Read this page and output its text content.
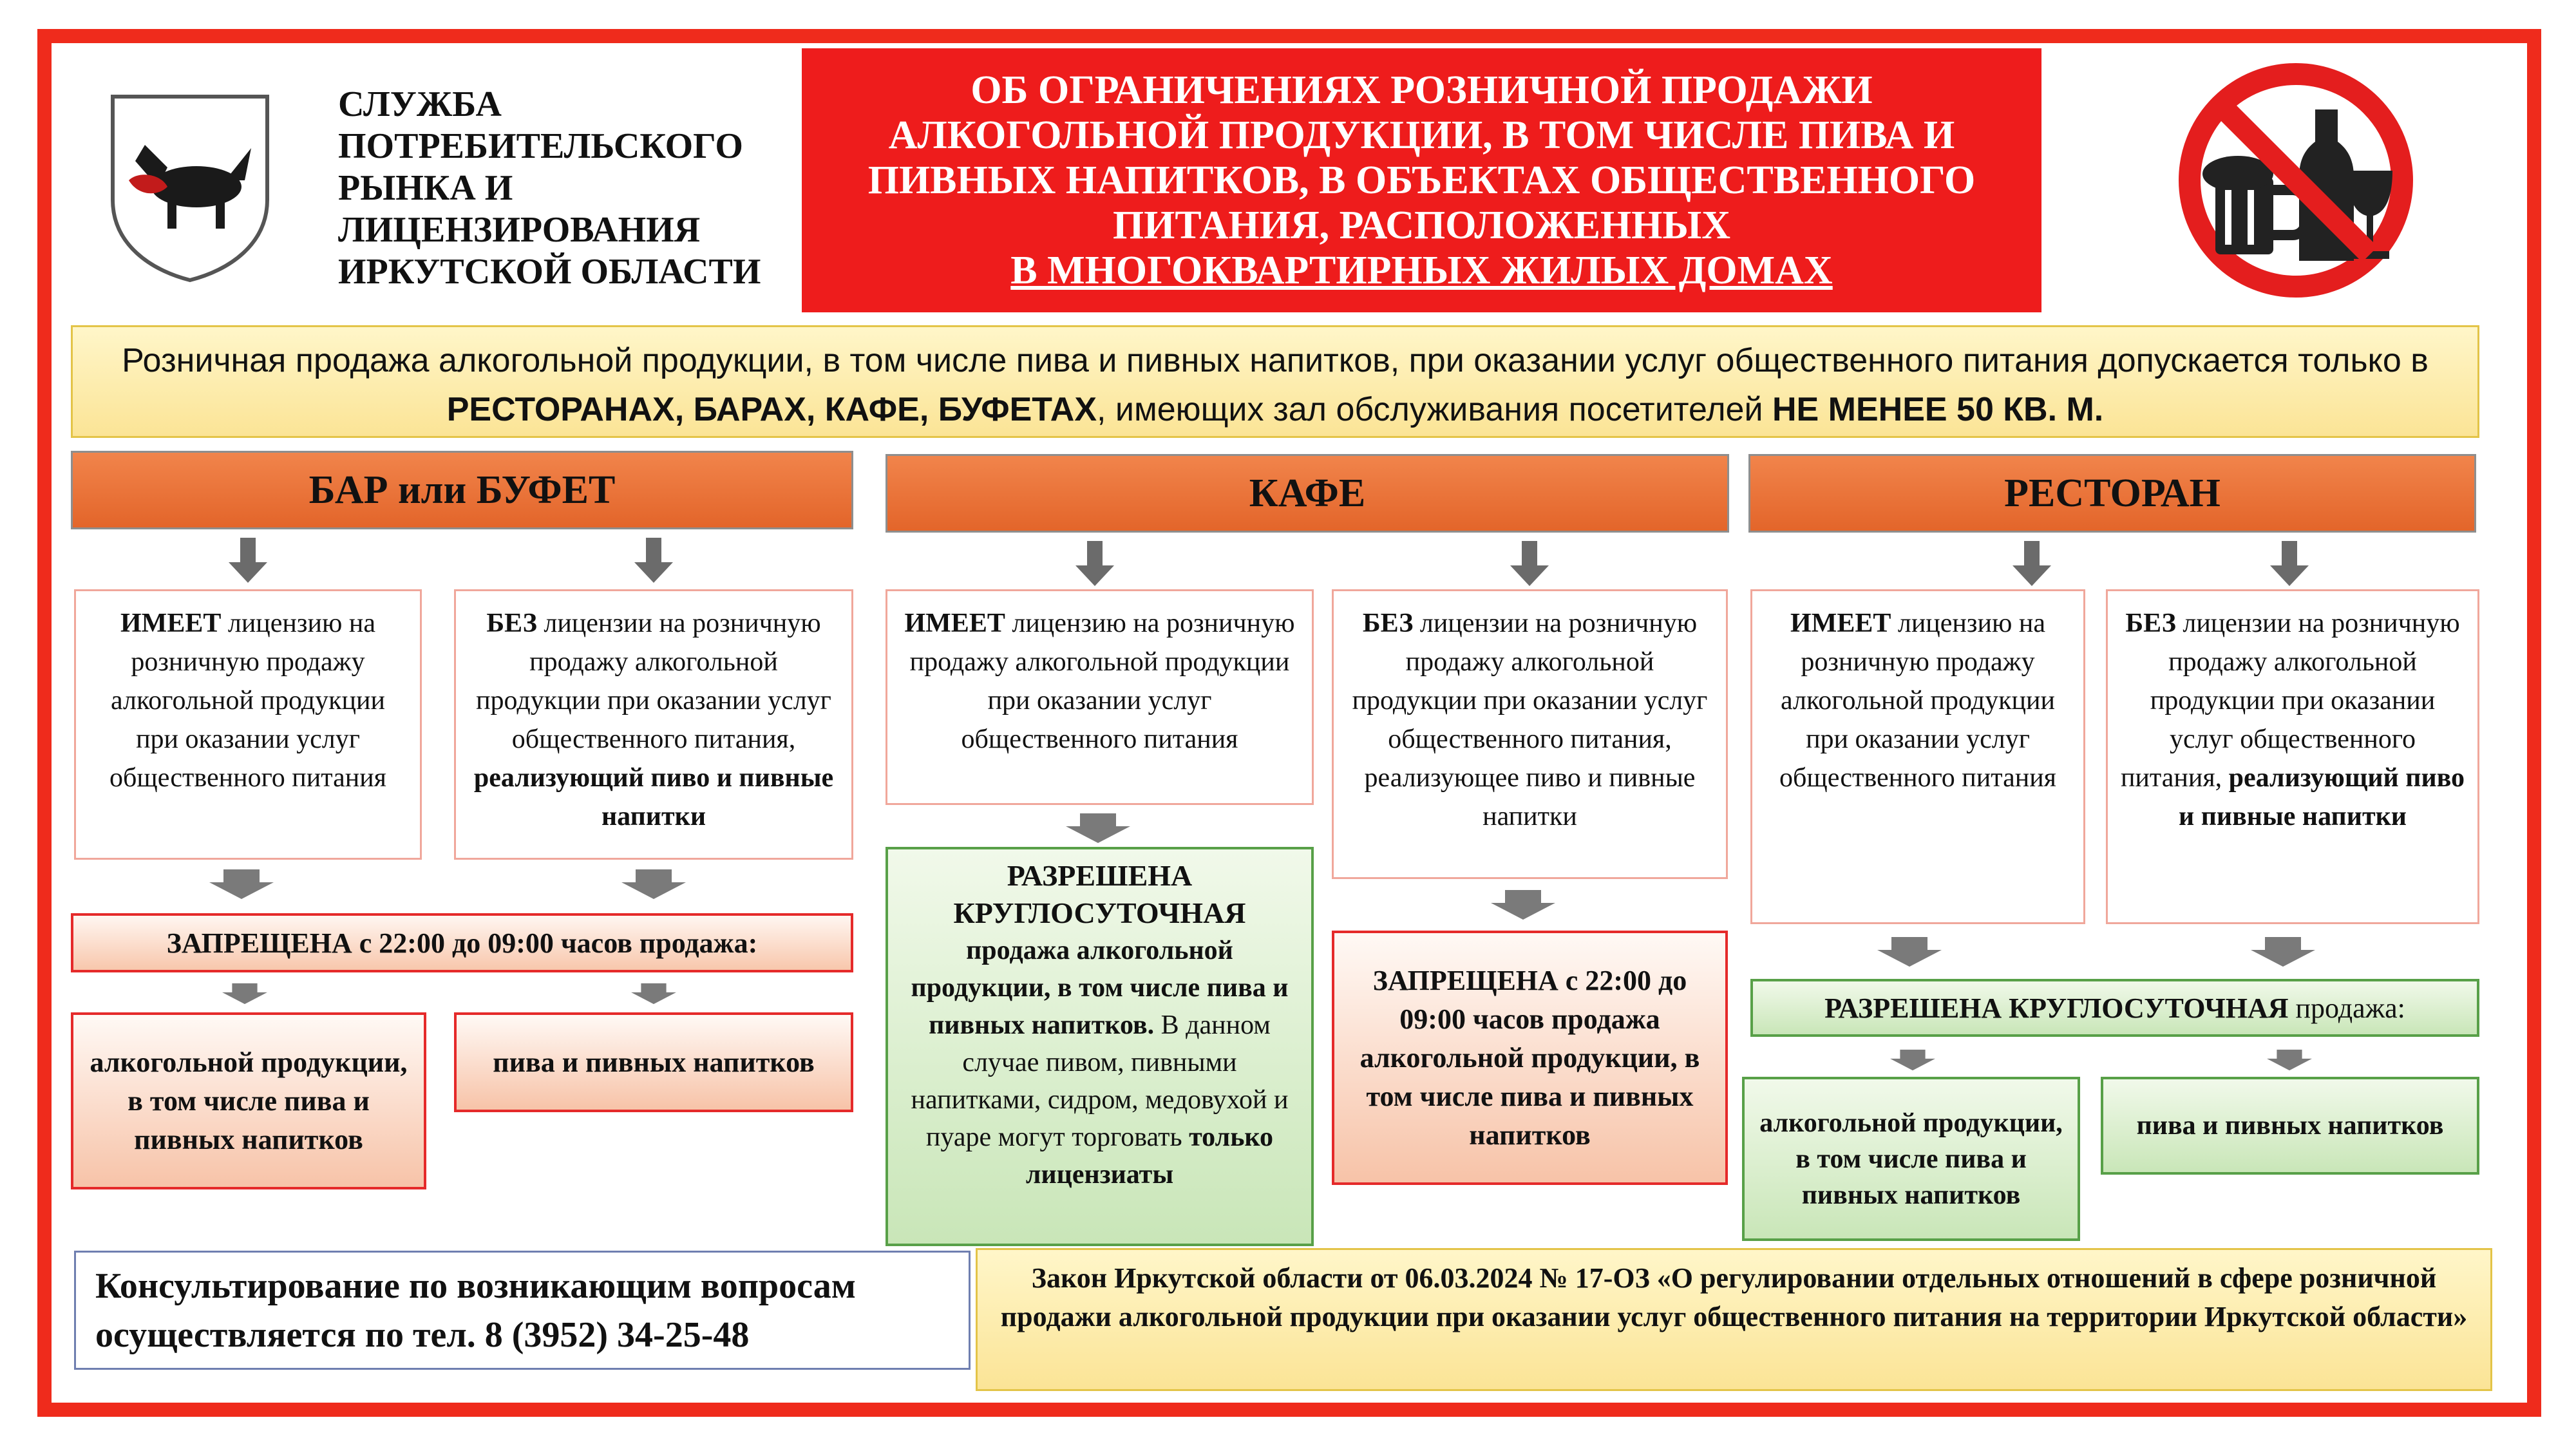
СЛУЖБА
ПОТРЕБИТЕЛЬСКОГО
РЫНКА И
ЛИЦЕНЗИРОВАНИЯ
ИРКУТСКОЙ ОБЛАСТИ
ОБ ОГРАНИЧЕНИЯХ РОЗНИЧНОЙ ПРОДАЖИ
АЛКОГОЛЬНОЙ ПРОДУКЦИИ, В ТОМ ЧИСЛЕ ПИВА И
ПИВНЫХ НАПИТКОВ, В ОБЪЕКТАХ ОБЩЕСТВЕННОГО
ПИТАНИЯ, РАСПОЛОЖЕННЫХ
В МНОГОКВАРТИРНЫХ ЖИЛЫХ ДОМАХ
Розничная продажа алкогольной продукции, в том числе пива и пивных напитков, при оказании услуг общественного питания допускается только в РЕСТОРАНАХ, БАРАХ, КАФЕ, БУФЕТАХ, имеющих зал обслуживания посетителей НЕ МЕНЕЕ 50 КВ. М.
БАР или БУФЕТ	КАФЕ	РЕСТОРАН
ИМЕЕТ лицензию на розничную продажу алкогольной продукции при оказании услуг общественного питания
БЕЗ лицензии на розничную продажу алкогольной продукции при оказании услуг общественного питания, реализующий пиво и пивные напитки
ЗАПРЕЩЕНА с 22:00 до 09:00 часов продажа:
алкогольной продукции, в том числе пива и пивных напитков
пива и пивных напитков
ИМЕЕТ лицензию на розничную продажу алкогольной продукции при оказании услуг общественного питания
БЕЗ лицензии на розничную продажу алкогольной продукции при оказании услуг общественного питания, реализующее пиво и пивные напитки
РАЗРЕШЕНА
КРУГЛОСУТОЧНАЯ
продажа алкогольной продукции, в том числе пива и пивных напитков. В данном случае пивом, пивными напитками, сидром, медовухой и пуаре могут торговать только лицензиаты
ЗАПРЕЩЕНА с 22:00 до 09:00 часов продажа алкогольной продукции, в том числе пива и пивных напитков
ИМЕЕТ лицензию на розничную продажу алкогольной продукции при оказании услуг общественного питания
БЕЗ лицензии на розничную продажу алкогольной продукции при оказании услуг общественного питания, реализующий пиво и пивные напитки
РАЗРЕШЕНА КРУГЛОСУТОЧНАЯ продажа:
алкогольной продукции, в том числе пива и пивных напитков
пива и пивных напитков
Консультирование по возникающим вопросам осуществляется по тел. 8 (3952) 34-25-48
Закон Иркутской области от 06.03.2024 № 17-ОЗ «О регулировании отдельных отношений в сфере розничной продажи алкогольной продукции при оказании услуг общественного питания на территории Иркутской области»
